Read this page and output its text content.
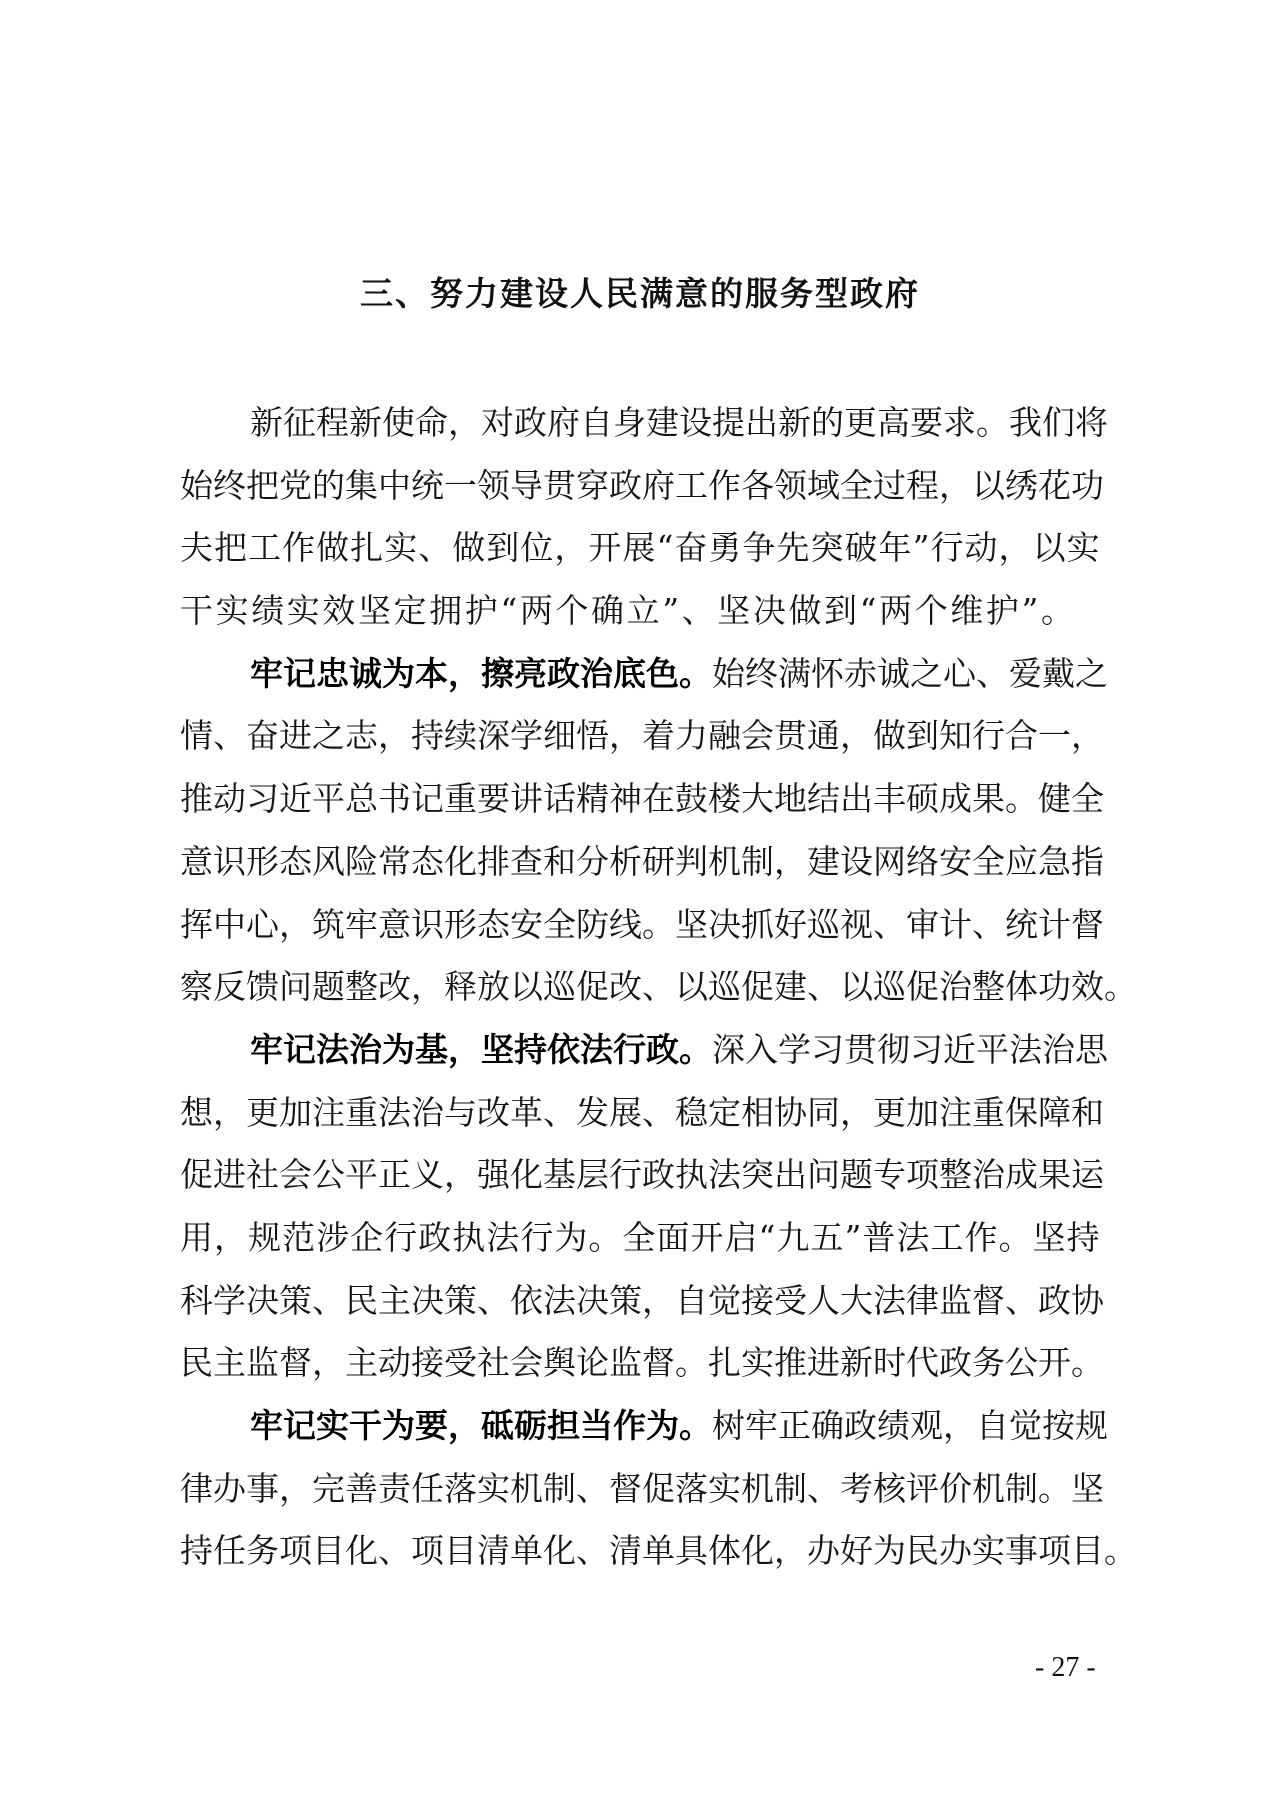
三、努力建设人民满意的服务型政府
新 征 程 新 使 命 ， 对 政 府 自 身 建 设 提 出 新 的 更 高 要 求 。 我 们 将
始 终 把 党 的 集 中 统 一 领 导 贯 穿 政 府 工 作 各 领 域 全 过 程 ， 以 绣 花 功
夫 把 工 作 做 扎 实 、 做 到 位 ， 开 展 “ 奋 勇 争 先 突 破 年 ” 行 动 ， 以 实
干 实 绩 实 效 坚 定 拥 护 “ 两 个 确 立 ” 、 坚 决 做 到 “ 两 个 维 护 ” 。
牢 记 忠 诚 为 本 ， 擦 亮 政 治 底 色 。 始 终 满 怀 赤 诚 之 心 、 爱 戴 之
情 、 奋 进 之 志 ， 持 续 深 学 细 悟 ， 着 力 融 会 贯 通 ， 做 到 知 行 合 一 ，
推 动 习 近 平 总 书 记 重 要 讲 话 精 神 在 鼓 楼 大 地 结 出 丰 硕 成 果 。 健 全
意 识 形 态 风 险 常 态 化 排 查 和 分 析 研 判 机 制 ， 建 设 网 络 安 全 应 急 指
挥 中 心 ， 筑 牢 意 识 形 态 安 全 防 线 。 坚 决 抓 好 巡 视 、 审 计 、 统 计 督
察 反 馈 问 题 整 改 ， 释 放 以 巡 促 改 、 以 巡 促 建 、 以 巡 促 治 整 体 功 效 。
牢 记 法 治 为 基 ， 坚 持 依 法 行 政 。 深 入 学 习 贯 彻 习 近 平 法 治 思
想 ， 更 加 注 重 法 治 与 改 革 、 发 展 、 稳 定 相 协 同 ， 更 加 注 重 保 障 和
促 进 社 会 公 平 正 义 ， 强 化 基 层 行 政 执 法 突 出 问 题 专 项 整 治 成 果 运
用 ， 规 范 涉 企 行 政 执 法 行 为 。 全 面 开 启 “ 九 五 ” 普 法 工 作 。 坚 持
科 学 决 策 、 民 主 决 策 、 依 法 决 策 ， 自 觉 接 受 人 大 法 律 监 督 、 政 协
民 主 监 督 ， 主 动 接 受 社 会 舆 论 监 督 。 扎 实 推 进 新 时 代 政 务 公 开 。
牢 记 实 干 为 要 ， 砥 砺 担 当 作 为 。 树 牢 正 确 政 绩 观 ， 自 觉 按 规
律 办 事 ， 完 善 责 任 落 实 机 制 、 督 促 落 实 机 制 、 考 核 评 价 机 制 。 坚
持 任 务 项 目 化 、 项 目 清 单 化 、 清 单 具 体 化 ， 办 好 为 民 办 实 事 项 目 。
- 27 -
